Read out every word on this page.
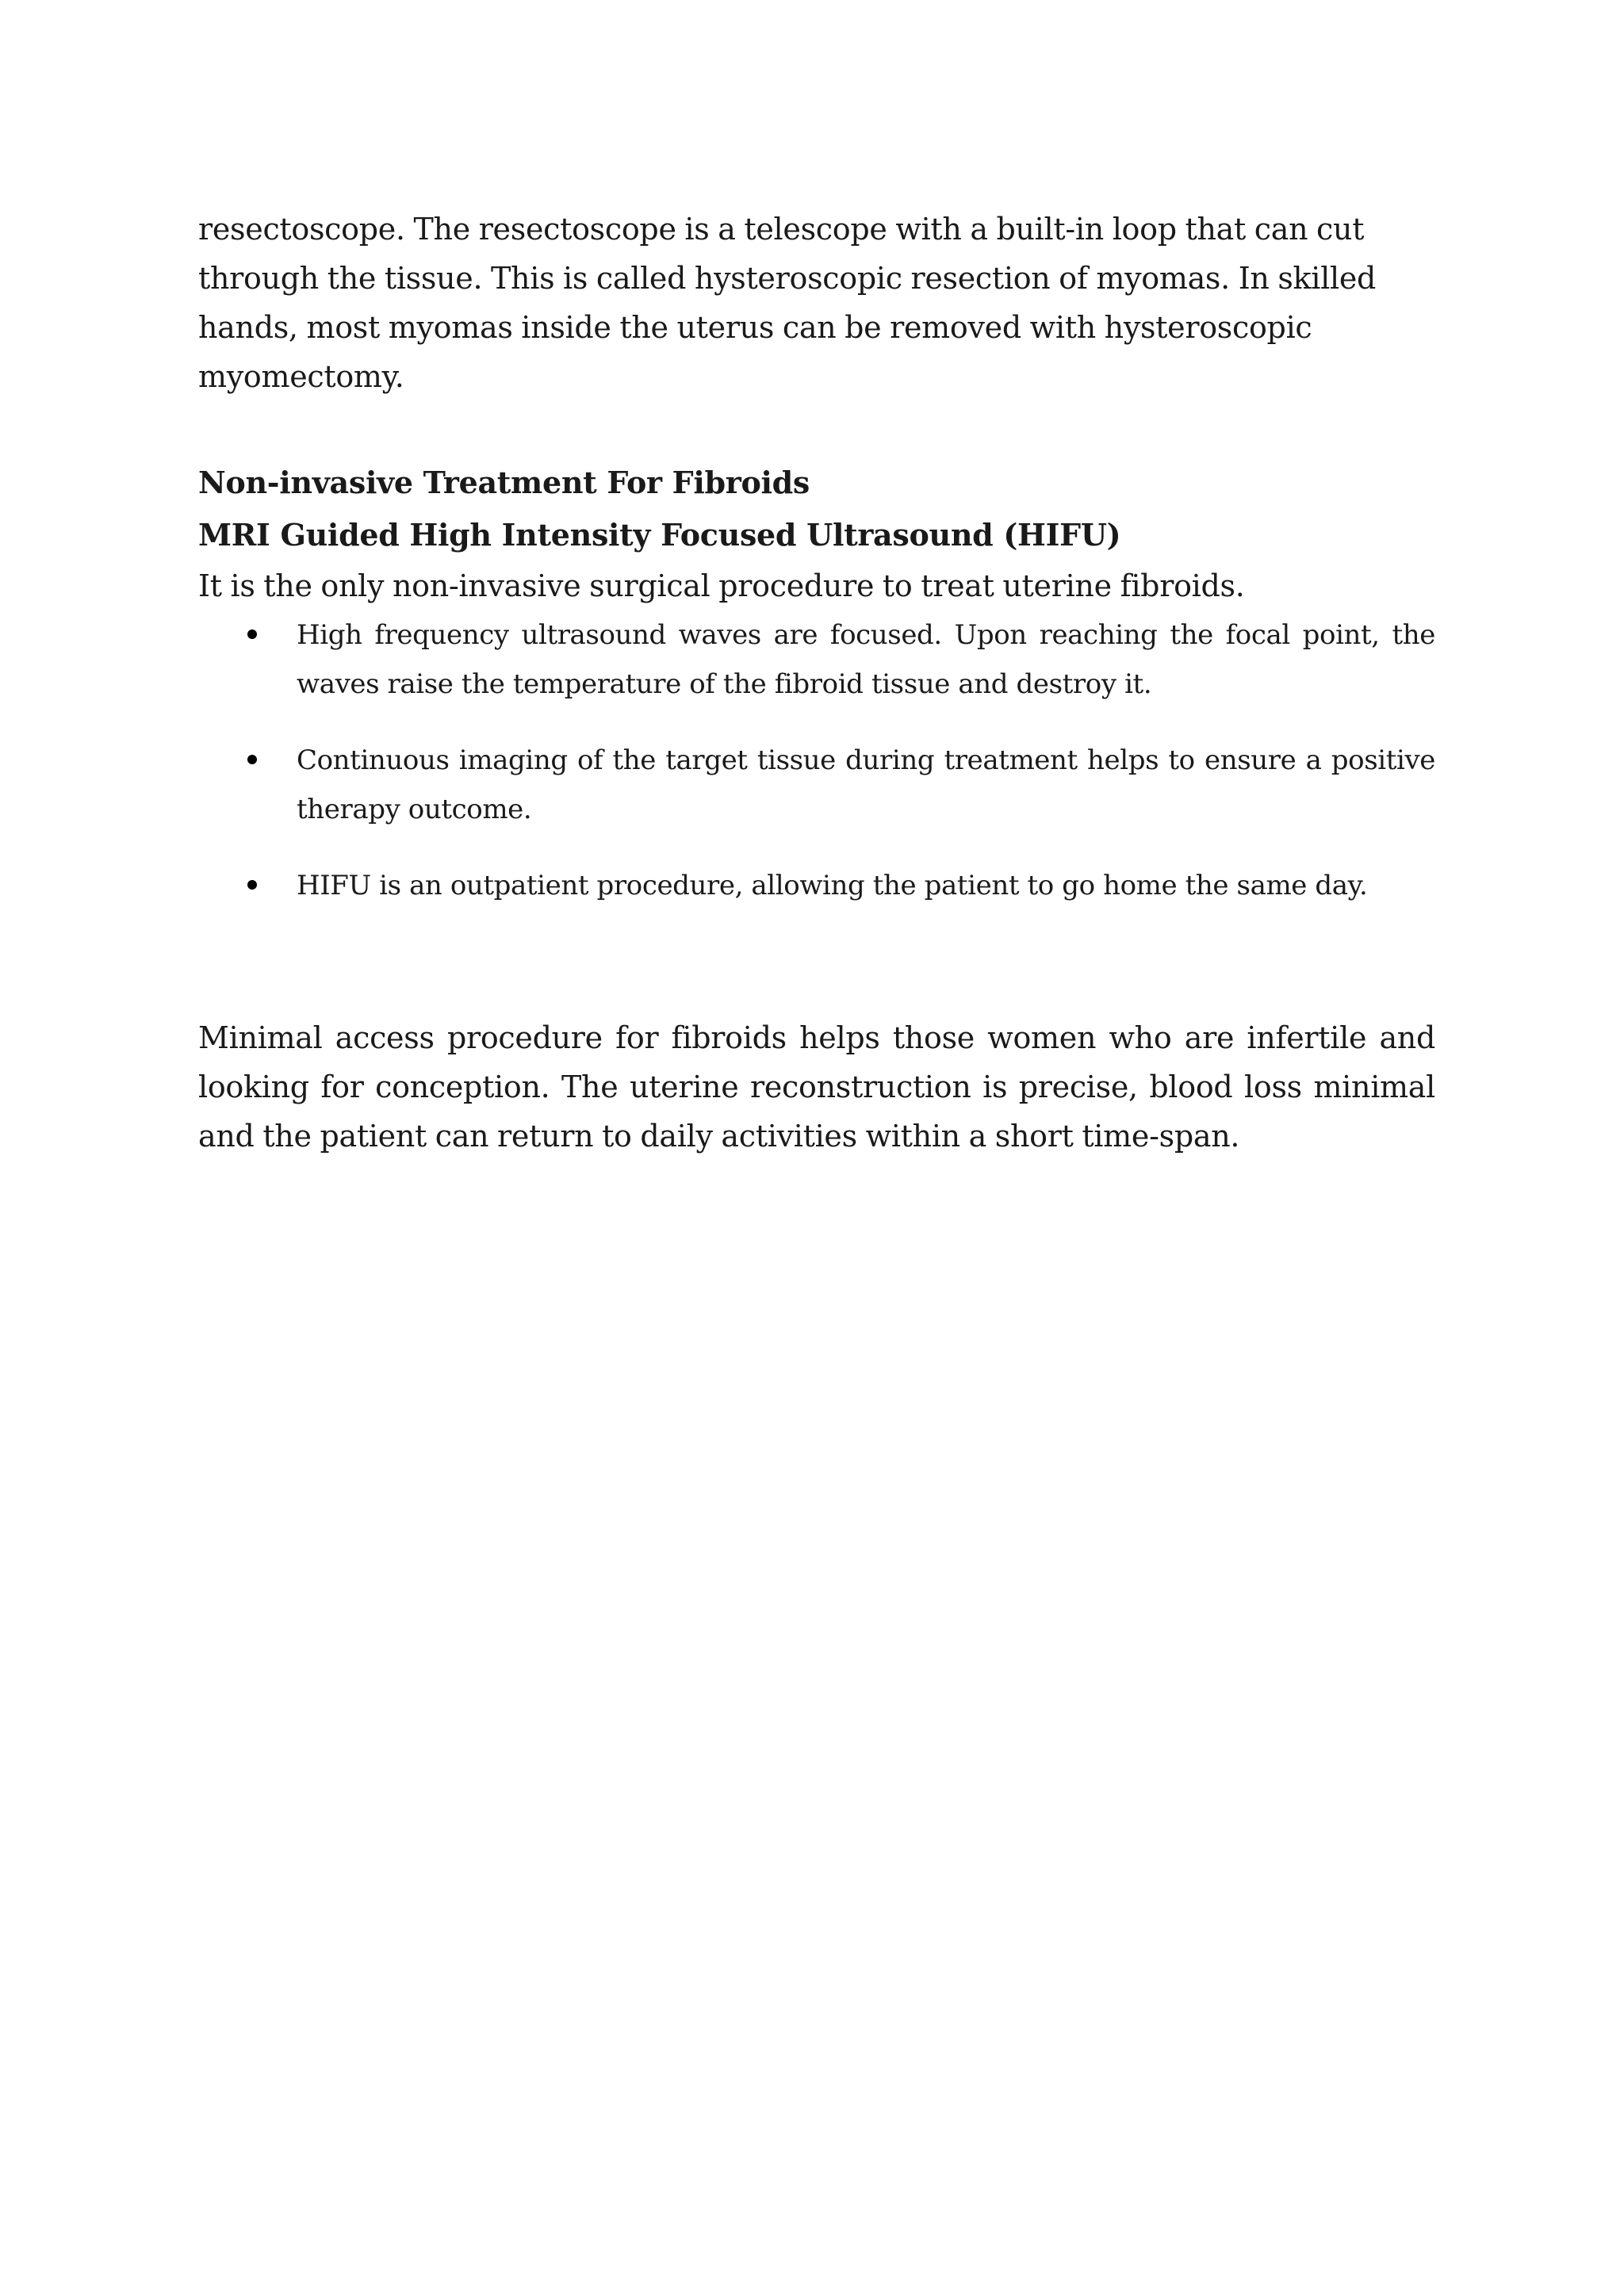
resectoscope. The resectoscope is a telescope with a built-in loop that can cut through the tissue. This is called hysteroscopic resection of myomas. In skilled hands, most myomas inside the uterus can be removed with hysteroscopic myomectomy.

Non-invasive Treatment For Fibroids
MRI Guided High Intensity Focused Ultrasound (HIFU)

It is the only non-invasive surgical procedure to treat uterine fibroids.

High frequency ultrasound waves are focused. Upon reaching the focal point, the waves raise the temperature of the fibroid tissue and destroy it.
Continuous imaging of the target tissue during treatment helps to ensure a positive therapy outcome.
HIFU is an outpatient procedure, allowing the patient to go home the same day.

Minimal access procedure for fibroids helps those women who are infertile and looking for conception. The uterine reconstruction is precise, blood loss minimal and the patient can return to daily activities within a short time-span.
